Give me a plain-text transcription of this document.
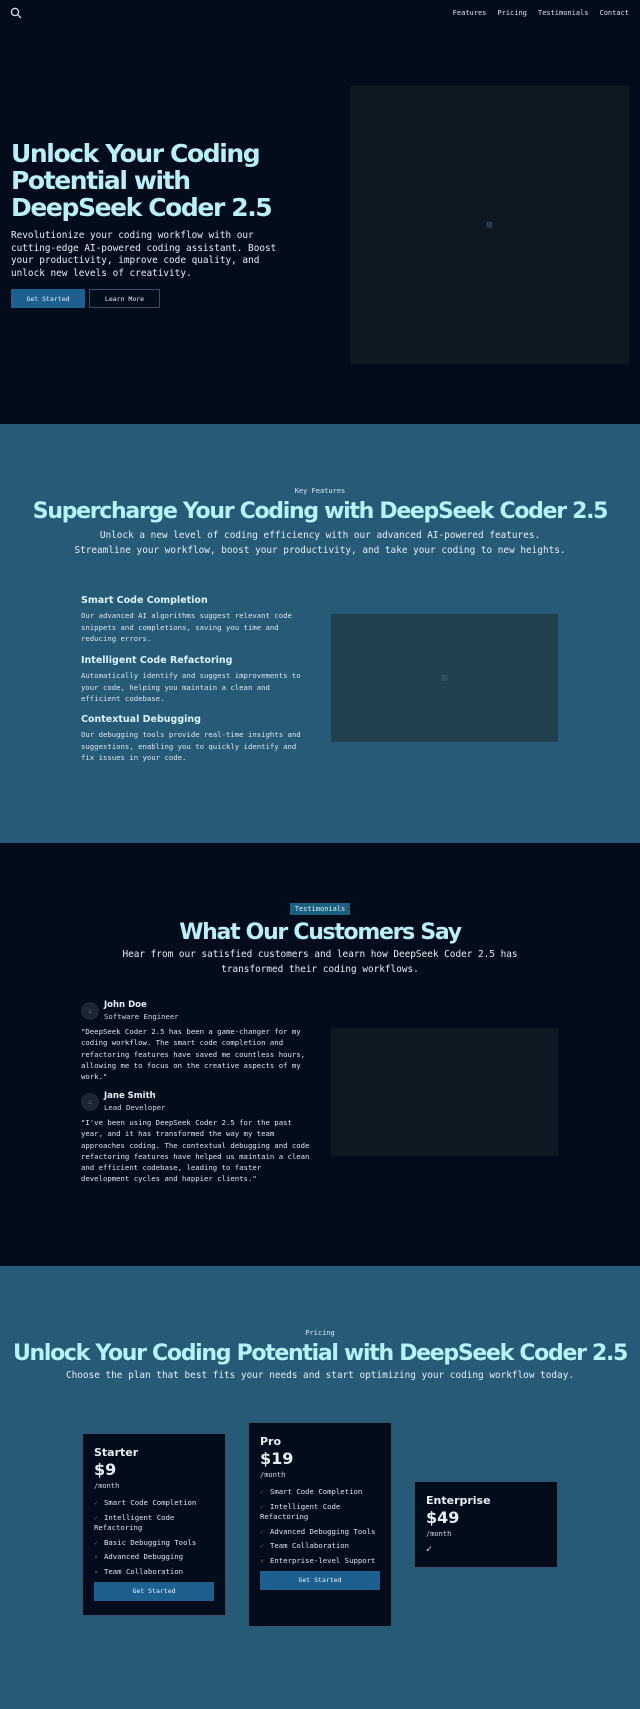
Features Pricing Testimonials Contact
Unlock Your Coding Potential with DeepSeek Coder 2.5

Revolutionize your coding workflow with our cutting-edge AI-powered coding assistant. Boost your productivity, improve code quality, and unlock new levels of creativity.

Get Started	Learn More
▨
Key Features
Supercharge Your Coding with DeepSeek Coder 2.5

Unlock a new level of coding efficiency with our advanced AI-powered features. Streamline your workflow, boost your productivity, and take your coding to new heights.

Smart Code Completion

Our advanced AI algorithms suggest relevant code snippets and completions, saving you time and reducing errors.

Intelligent Code Refactoring

Automatically identify and suggest improvements to your code, helping you maintain a clean and efficient codebase.

Contextual Debugging

Our debugging tools provide real-time insights and suggestions, enabling you to quickly identify and fix issues in your code.

▨
Testimonials
What Our Customers Say

Hear from our satisfied customers and learn how DeepSeek Coder 2.5 has transformed their coding workflows.

♙
John Doe
Software Engineer

"DeepSeek Coder 2.5 has been a game-changer for my coding workflow. The smart code completion and refactoring features have saved me countless hours, allowing me to focus on the creative aspects of my work."

♙
Jane Smith
Lead Developer

"I've been using DeepSeek Coder 2.5 for the past year, and it has transformed the way my team approaches coding. The contextual debugging and code refactoring features have helped us maintain a clean and efficient codebase, leading to faster development cycles and happier clients."

Pricing
Unlock Your Coding Potential with DeepSeek Coder 2.5

Choose the plan that best fits your needs and start optimizing your coding workflow today.

Starter
$9
/month
✓ Smart Code Completion
✓ Intelligent Code Refactoring
✓ Basic Debugging Tools
✕ Advanced Debugging
✕ Team Collaboration
Get Started
Pro
$19
/month
✓ Smart Code Completion
✓ Intelligent Code Refactoring
✓ Advanced Debugging Tools
✓ Team Collaboration
✕ Enterprise-level Support
Get Started
Enterprise
$49
/month
✓
